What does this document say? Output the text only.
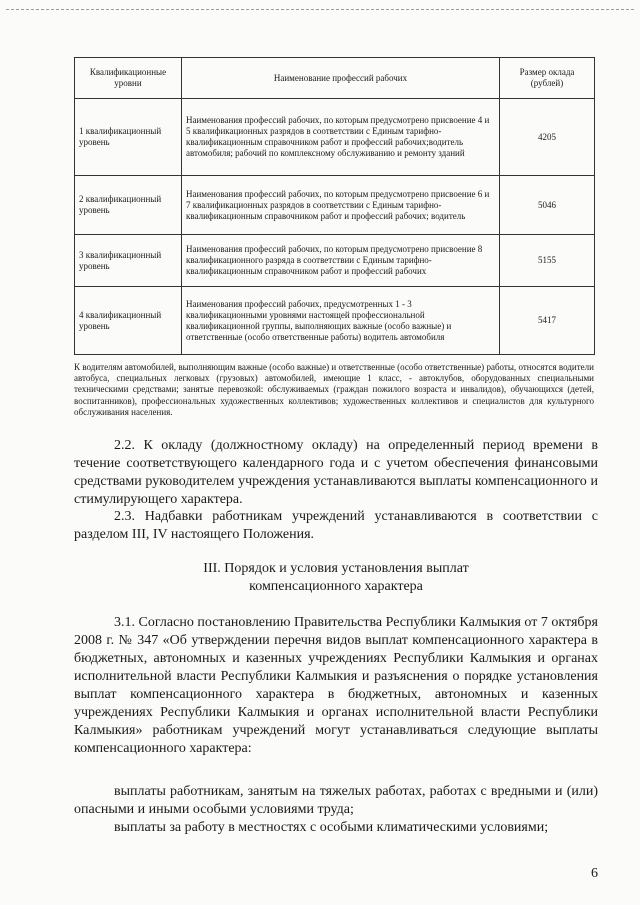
Квалификационные уровни	Наименование профессий рабочих	Размер оклада (рублей)
1 квалификационный уровень	Наименования профессий рабочих, по которым предусмотрено присвоение 4 и 5 квалификационных разрядов в соответствии с Единым тарифно-квалификационным справочником работ и профессий рабочих;водитель автомобиля; рабочий по комплексному обслуживанию и ремонту зданий	4205
2 квалификационный уровень	Наименования профессий рабочих, по которым предусмотрено присвоение 6 и 7 квалификационных разрядов в соответствии с Единым тарифно-квалификационным справочником работ и профессий рабочих; водитель	5046
3 квалификационный уровень	Наименования профессий рабочих, по которым предусмотрено присвоение 8 квалификационного разряда в соответствии с Единым тарифно-квалификационным справочником работ и профессий рабочих	5155
4 квалификационный уровень	Наименования профессий рабочих, предусмотренных 1 - 3 квалификационными уровнями настоящей профессиональной квалификационной группы, выполняющих важные (особо важные) и ответственные (особо ответственные работы) водитель автомобиля	5417
К водителям автомобилей, выполняющим важные (особо важные) и ответственные (особо ответственные) работы, относятся водители автобуса, специальных легковых (грузовых) автомобилей, имеющие 1 класс, - автоклубов, оборудованных специальными техническими средствами; занятые перевозкой: обслуживаемых (граждан пожилого возраста и инвалидов), обучающихся (детей, воспитанников), профессиональных художественных коллективов; художественных коллективов и специалистов для культурного обслуживания населения.

2.2. К окладу (должностному окладу) на определенный период времени в течение соответствующего календарного года и с учетом обеспечения финансовыми средствами руководителем учреждения устанавливаются выплаты компенсационного и стимулирующего характера.

2.3. Надбавки работникам учреждений устанавливаются в соответствии с разделом III, IV настоящего Положения.

III. Порядок и условия установления выплат
компенсационного характера

3.1. Согласно постановлению Правительства Республики Калмыкия от 7 октября 2008 г. № 347 «Об утверждении перечня видов выплат компенсационного характера в бюджетных, автономных и казенных учреждениях Республики Калмыкия и органах исполнительной власти Республики Калмыкия и разъяснения о порядке установления выплат компенсационного характера в бюджетных, автономных и казенных учреждениях Республики Калмыкия и органах исполнительной власти Республики Калмыкия» работникам учреждений могут устанавливаться следующие выплаты компенсационного характера:

выплаты работникам, занятым на тяжелых работах, работах с вредными и (или) опасными и иными особыми условиями труда;

выплаты за работу в местностях с особыми климатическими условиями;

6
